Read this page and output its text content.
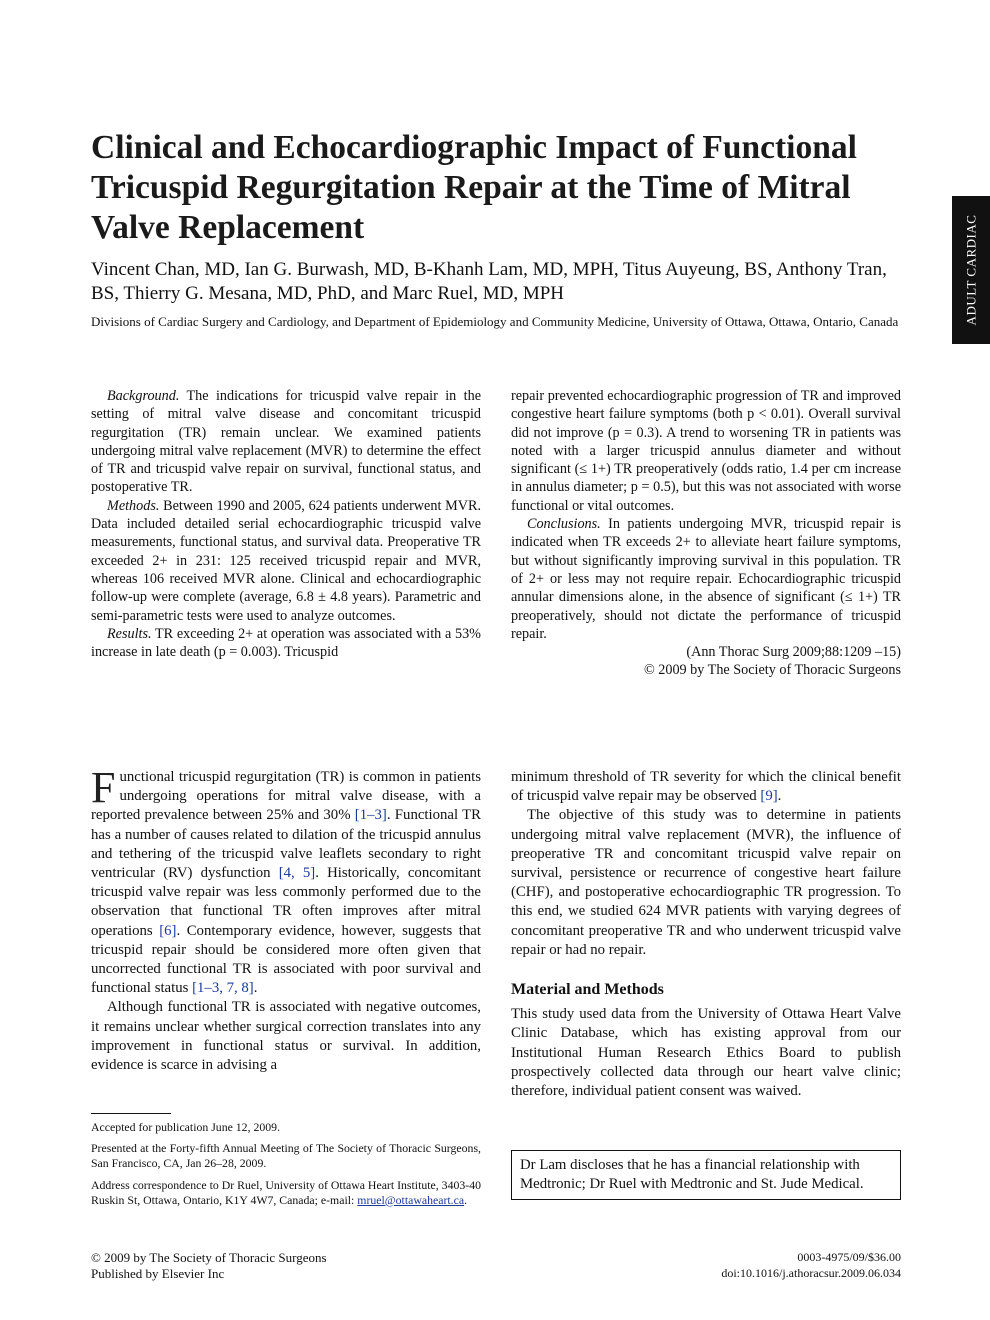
ADULT CARDIAC
Clinical and Echocardiographic Impact of Functional Tricuspid Regurgitation Repair at the Time of Mitral Valve Replacement
Vincent Chan, MD, Ian G. Burwash, MD, B-Khanh Lam, MD, MPH, Titus Auyeung, BS, Anthony Tran, BS, Thierry G. Mesana, MD, PhD, and Marc Ruel, MD, MPH
Divisions of Cardiac Surgery and Cardiology, and Department of Epidemiology and Community Medicine, University of Ottawa, Ottawa, Ontario, Canada

Background. The indications for tricuspid valve repair in the setting of mitral valve disease and concomitant tricuspid regurgitation (TR) remain unclear. We examined patients undergoing mitral valve replacement (MVR) to determine the effect of TR and tricuspid valve repair on survival, functional status, and postoperative TR.

Methods. Between 1990 and 2005, 624 patients underwent MVR. Data included detailed serial echocardiographic tricuspid valve measurements, functional status, and survival data. Preoperative TR exceeded 2+ in 231: 125 received tricuspid repair and MVR, whereas 106 received MVR alone. Clinical and echocardiographic follow-up were complete (average, 6.8 ± 4.8 years). Parametric and semi-parametric tests were used to analyze outcomes.

Results. TR exceeding 2+ at operation was associated with a 53% increase in late death (p = 0.003). Tricuspid

repair prevented echocardiographic progression of TR and improved congestive heart failure symptoms (both p < 0.01). Overall survival did not improve (p = 0.3). A trend to worsening TR in patients was noted with a larger tricuspid annulus diameter and without significant (≤ 1+) TR preoperatively (odds ratio, 1.4 per cm increase in annulus diameter; p = 0.5), but this was not associated with worse functional or vital outcomes.

Conclusions. In patients undergoing MVR, tricuspid repair is indicated when TR exceeds 2+ to alleviate heart failure symptoms, but without significantly improving survival in this population. TR of 2+ or less may not require repair. Echocardiographic tricuspid annular dimensions alone, in the absence of significant (≤ 1+) TR preoperatively, should not dictate the performance of tricuspid repair.

(Ann Thorac Surg 2009;88:1209 –15)

© 2009 by The Society of Thoracic Surgeons

Functional tricuspid regurgitation (TR) is common in patients undergoing operations for mitral valve disease, with a reported prevalence between 25% and 30% [1–3]. Functional TR has a number of causes related to dilation of the tricuspid annulus and tethering of the tricuspid valve leaflets secondary to right ventricular (RV) dysfunction [4, 5]. Historically, concomitant tricuspid valve repair was less commonly performed due to the observation that functional TR often improves after mitral operations [6]. Contemporary evidence, however, suggests that tricuspid repair should be considered more often given that uncorrected functional TR is associated with poor survival and functional status [1–3, 7, 8].

Although functional TR is associated with negative outcomes, it remains unclear whether surgical correction translates into any improvement in functional status or survival. In addition, evidence is scarce in advising a

minimum threshold of TR severity for which the clinical benefit of tricuspid valve repair may be observed [9].

The objective of this study was to determine in patients undergoing mitral valve replacement (MVR), the influence of preoperative TR and concomitant tricuspid valve repair on survival, persistence or recurrence of congestive heart failure (CHF), and postoperative echocardiographic TR progression. To this end, we studied 624 MVR patients with varying degrees of concomitant preoperative TR and who underwent tricuspid valve repair or had no repair.

Material and Methods

This study used data from the University of Ottawa Heart Valve Clinic Database, which has existing approval from our Institutional Human Research Ethics Board to publish prospectively collected data through our heart valve clinic; therefore, individual patient consent was waived.

Accepted for publication June 12, 2009.

Presented at the Forty-fifth Annual Meeting of The Society of Thoracic Surgeons, San Francisco, CA, Jan 26–28, 2009.

Address correspondence to Dr Ruel, University of Ottawa Heart Institute, 3403-40 Ruskin St, Ottawa, Ontario, K1Y 4W7, Canada; e-mail: mruel@ottawaheart.ca.

Dr Lam discloses that he has a financial relationship with Medtronic; Dr Ruel with Medtronic and St. Jude Medical.
© 2009 by The Society of Thoracic Surgeons
Published by Elsevier Inc
0003-4975/09/$36.00
doi:10.1016/j.athoracsur.2009.06.034
